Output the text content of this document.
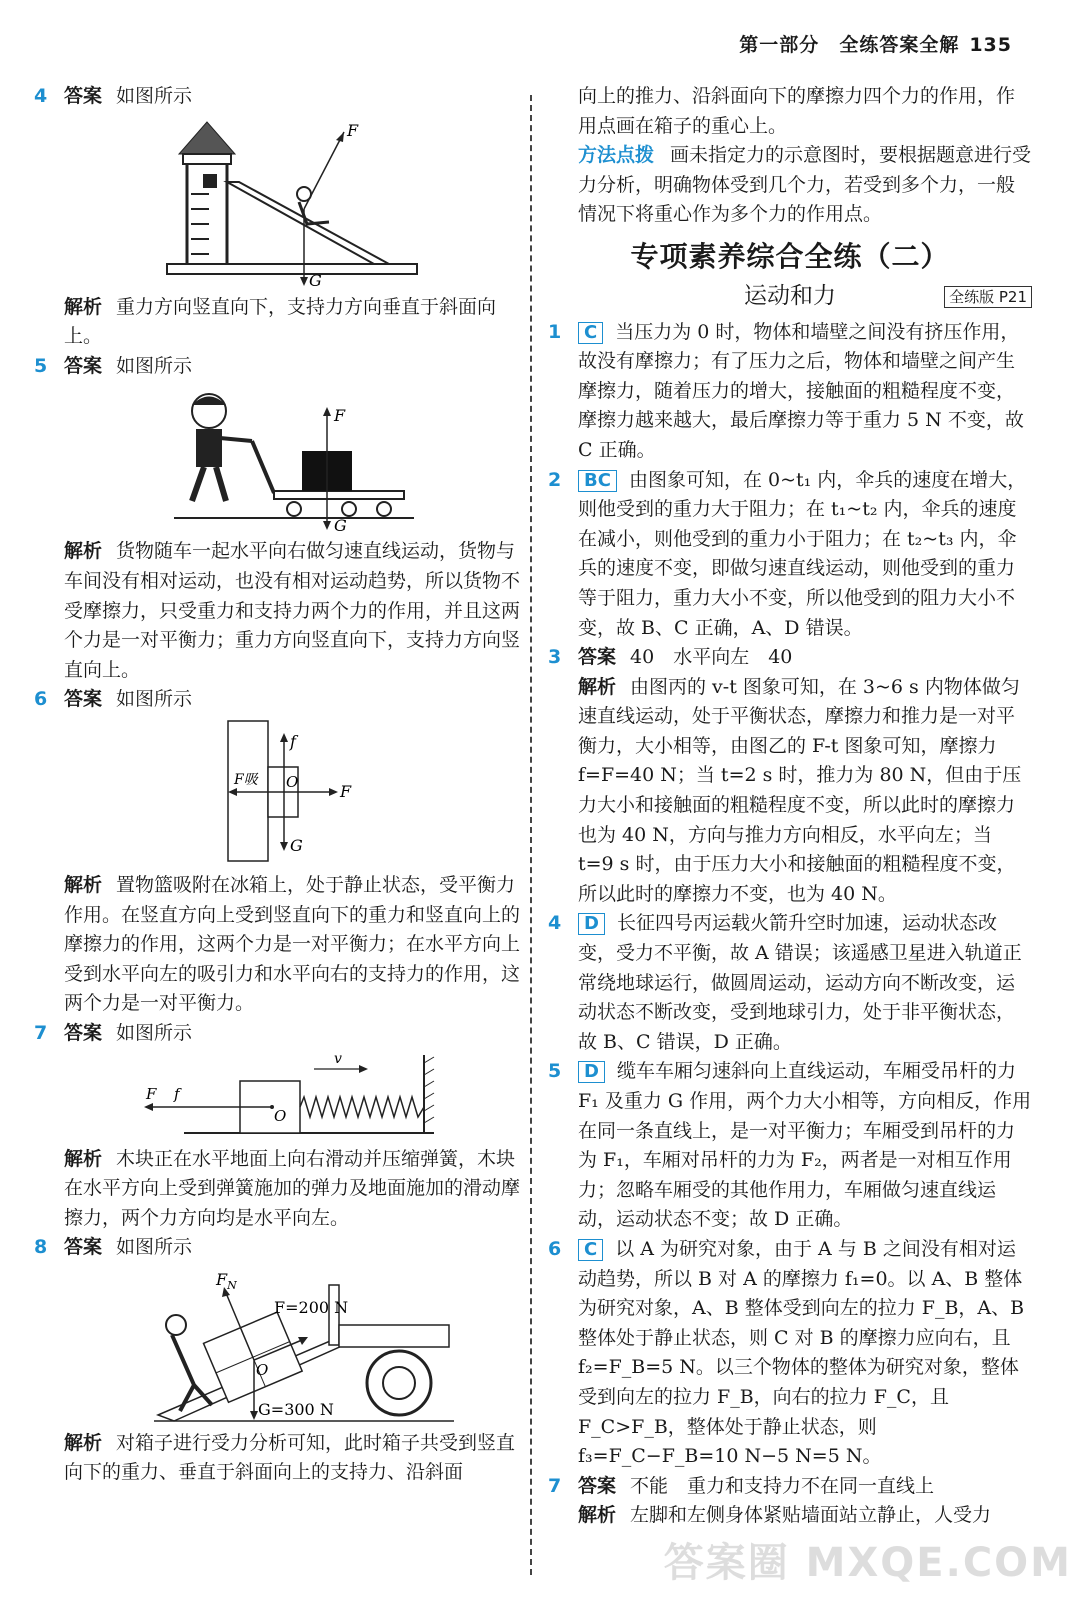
第一部分　 全练答案全解 135
4 答案 如图所示
F
G
解析 重力方向竖直向下，支持力方向垂直于斜面向上。
5 答案 如图所示
F
G
解析 货物随车一起水平向右做匀速直线运动，货物与车间没有相对运动，也没有相对运动趋势，所以货物不受摩擦力，只受重力和支持力两个力的作用，并且这两个力是一对平衡力；重力方向竖直向下，支持力方向竖直向上。
6 答案 如图所示
f
G
F吸
F
O
解析 置物篮吸附在冰箱上，处于静止状态，受平衡力作用。在竖直方向上受到竖直向下的重力和竖直向上的摩擦力的作用，这两个力是一对平衡力；在水平方向上受到水平向左的吸引力和水平向右的支持力的作用，这两个力是一对平衡力。
7 答案 如图所示
O
F f
v
解析 木块正在水平地面上向右滑动并压缩弹簧，木块在水平方向上受到弹簧施加的弹力及地面施加的滑动摩擦力，两个力方向均是水平向左。
8 答案 如图所示
$F_N$
F=200 N
G=300 N
O
解析 对箱子进行受力分析可知，此时箱子共受到竖直向下的重力、垂直于斜面向上的支持力、沿斜面
向上的推力、沿斜面向下的摩擦力四个力的作用，作用点画在箱子的重心上。
方法点拨 画未指定力的示意图时，要根据题意进行受力分析，明确物体受到几个力，若受到多个力，一般情况下将重心作为多个力的作用点。
专项素养综合全练（二）
运动和力	全练版 P21
1 C 当压力为 0 时，物体和墙壁之间没有挤压作用，故没有摩擦力；有了压力之后，物体和墙壁之间产生摩擦力，随着压力的增大，接触面的粗糙程度不变，摩擦力越来越大，最后摩擦力等于重力 5 N 不变，故 C 正确。
2 BC 由图象可知，在 0~t₁ 内，伞兵的速度在增大，则他受到的重力大于阻力；在 t₁~t₂ 内，伞兵的速度在减小，则他受到的重力小于阻力；在 t₂~t₃ 内，伞兵的速度不变，即做匀速直线运动，则他受到的重力等于阻力，重力大小不变，所以他受到的阻力大小不变，故 B、C 正确，A、D 错误。
3 答案 40　水平向左　40
解析 由图丙的 v-t 图象可知，在 3~6 s 内物体做匀速直线运动，处于平衡状态，摩擦力和推力是一对平衡力，大小相等，由图乙的 F-t 图象可知，摩擦力 f=F=40 N；当 t=2 s 时，推力为 80 N，但由于压力大小和接触面的粗糙程度不变，所以此时的摩擦力也为 40 N，方向与推力方向相反，水平向左；当 t=9 s 时，由于压力大小和接触面的粗糙程度不变，所以此时的摩擦力不变，也为 40 N。
4 D 长征四号丙运载火箭升空时加速，运动状态改变，受力不平衡，故 A 错误；该遥感卫星进入轨道正常绕地球运行，做圆周运动，运动方向不断改变，运动状态不断改变，受到地球引力，处于非平衡状态，故 B、C 错误，D 正确。
5 D 缆车车厢匀速斜向上直线运动，车厢受吊杆的力 F₁ 及重力 G 作用，两个力大小相等，方向相反，作用在同一条直线上，是一对平衡力；车厢受到吊杆的力为 F₁，车厢对吊杆的力为 F₂，两者是一对相互作用力；忽略车厢受的其他作用力，车厢做匀速直线运动，运动状态不变；故 D 正确。
6 C 以 A 为研究对象，由于 A 与 B 之间没有相对运动趋势，所以 B 对 A 的摩擦力 f₁=0。以 A、B 整体为研究对象，A、B 整体受到向左的拉力 F_B，A、B 整体处于静止状态，则 C 对 B 的摩擦力应向右，且 f₂=F_B=5 N。以三个物体的整体为研究对象，整体受到向左的拉力 F_B，向右的拉力 F_C，且 F_C>F_B，整体处于静止状态，则 f₃=F_C−F_B=10 N−5 N=5 N。
7 答案 不能　重力和支持力不在同一直线上
解析 左脚和左侧身体紧贴墙面站立静止，人受力
答案圈 MXQE.COM
